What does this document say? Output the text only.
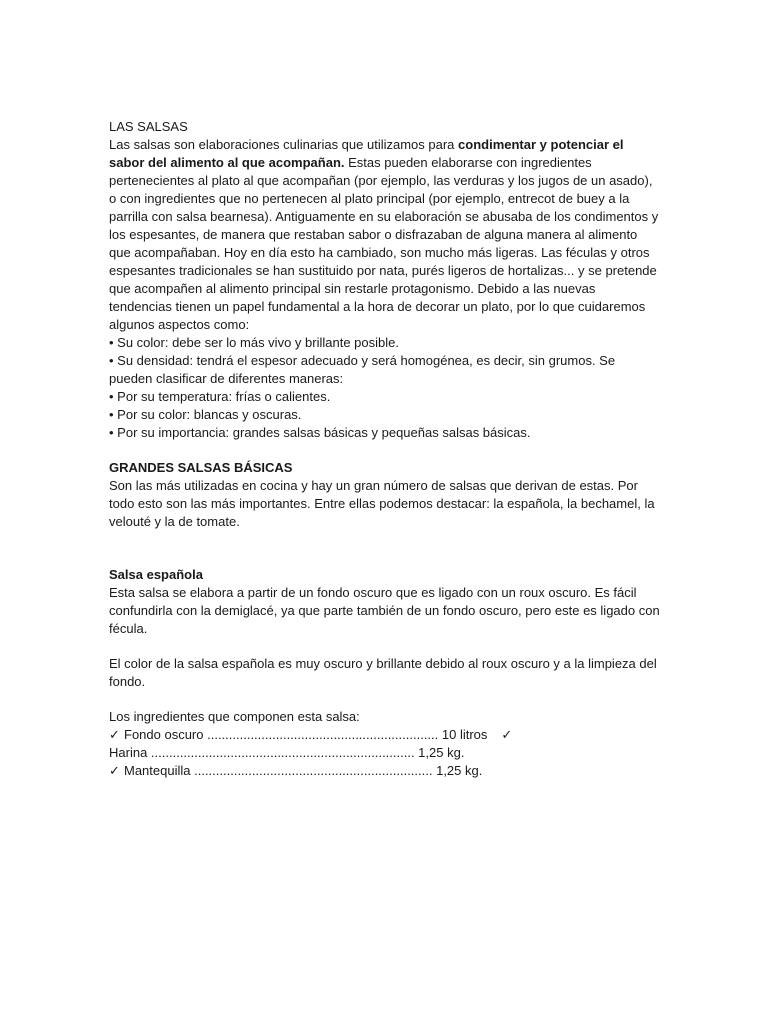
LAS SALSAS

Las salsas son elaboraciones culinarias que utilizamos para condimentar y potenciar el sabor del alimento al que acompañan. Estas pueden elaborarse con ingredientes pertenecientes al plato al que acompañan (por ejemplo, las verduras y los jugos de un asado), o con ingredientes que no pertenecen al plato principal (por ejemplo, entrecot de buey a la parrilla con salsa bearnesa). Antiguamente en su elaboración se abusaba de los condimentos y los espesantes, de manera que restaban sabor o disfrazaban de alguna manera al alimento que acompañaban. Hoy en día esto ha cambiado, son mucho más ligeras. Las féculas y otros espesantes tradicionales se han sustituido por nata, purés ligeros de hortalizas... y se pretende que acompañen al alimento principal sin restarle protagonismo. Debido a las nuevas tendencias tienen un papel fundamental a la hora de decorar un plato, por lo que cuidaremos algunos aspectos como:

• Su color: debe ser lo más vivo y brillante posible.
• Su densidad: tendrá el espesor adecuado y será homogénea, es decir, sin grumos. Se pueden clasificar de diferentes maneras:
• Por su temperatura: frías o calientes.
• Por su color: blancas y oscuras.
• Por su importancia: grandes salsas básicas y pequeñas salsas básicas.
GRANDES SALSAS BÁSICAS

Son las más utilizadas en cocina y hay un gran número de salsas que derivan de estas. Por todo esto son las más importantes. Entre ellas podemos destacar: la española, la bechamel, la velouté y la de tomate.

Salsa española

Esta salsa se elabora a partir de un fondo oscuro que es ligado con un roux oscuro. Es fácil confundirla con la demiglacé, ya que parte también de un fondo oscuro, pero este es ligado con fécula.

El color de la salsa española es muy oscuro y brillante debido al roux oscuro y a la limpieza del fondo.

Los ingredientes que componen esta salsa:
✓ Fondo oscuro ................................................................ 10 litros ✓
Harina ......................................................................... 1,25 kg.
✓ Mantequilla .................................................................. 1,25 kg.
